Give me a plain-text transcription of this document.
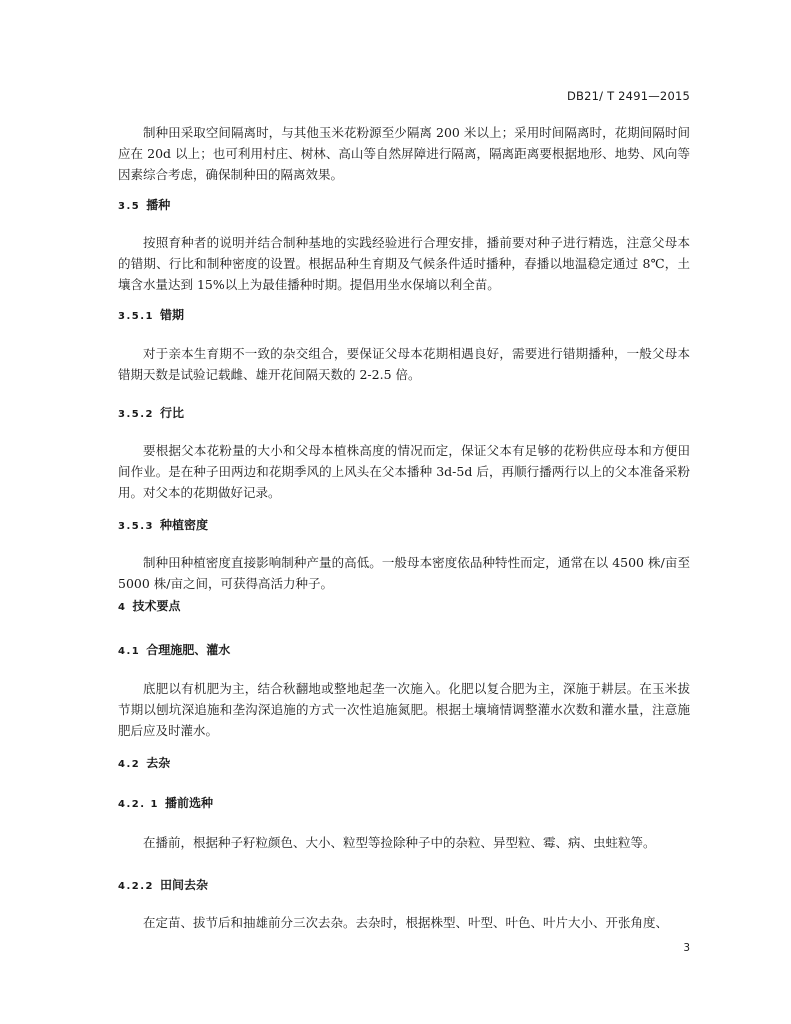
DB21/ T 2491—2015

制种田采取空间隔离时，与其他玉米花粉源至少隔离 200 米以上；采用时间隔离时，花期间隔时间应在 20d 以上；也可利用村庄、树林、高山等自然屏障进行隔离，隔离距离要根据地形、地势、风向等因素综合考虑，确保制种田的隔离效果。

3.5 播种

按照育种者的说明并结合制种基地的实践经验进行合理安排，播前要对种子进行精选，注意父母本的错期、行比和制种密度的设置。根据品种生育期及气候条件适时播种，春播以地温稳定通过 8℃，土壤含水量达到 15%以上为最佳播种时期。提倡用坐水保墒以利全苗。

3.5.1 错期

对于亲本生育期不一致的杂交组合，要保证父母本花期相遇良好，需要进行错期播种，一般父母本错期天数是试验记载雌、雄开花间隔天数的 2-2.5 倍。

3.5.2 行比

要根据父本花粉量的大小和父母本植株高度的情况而定，保证父本有足够的花粉供应母本和方便田间作业。是在种子田两边和花期季风的上风头在父本播种 3d-5d 后，再顺行播两行以上的父本准备采粉用。对父本的花期做好记录。

3.5.3 种植密度

制种田种植密度直接影响制种产量的高低。一般母本密度依品种特性而定，通常在以 4500 株/亩至 5000 株/亩之间，可获得高活力种子。

4 技术要点
4.1 合理施肥、灌水

底肥以有机肥为主，结合秋翻地或整地起垄一次施入。化肥以复合肥为主，深施于耕层。在玉米拔节期以刨坑深追施和垄沟深追施的方式一次性追施氮肥。根据土壤墒情调整灌水次数和灌水量，注意施肥后应及时灌水。

4.2 去杂
4.2. 1 播前选种

在播前，根据种子籽粒颜色、大小、粒型等捡除种子中的杂粒、异型粒、霉、病、虫蛀粒等。

4.2.2 田间去杂

在定苗、拔节后和抽雄前分三次去杂。去杂时，根据株型、叶型、叶色、叶片大小、开张角度、

3
